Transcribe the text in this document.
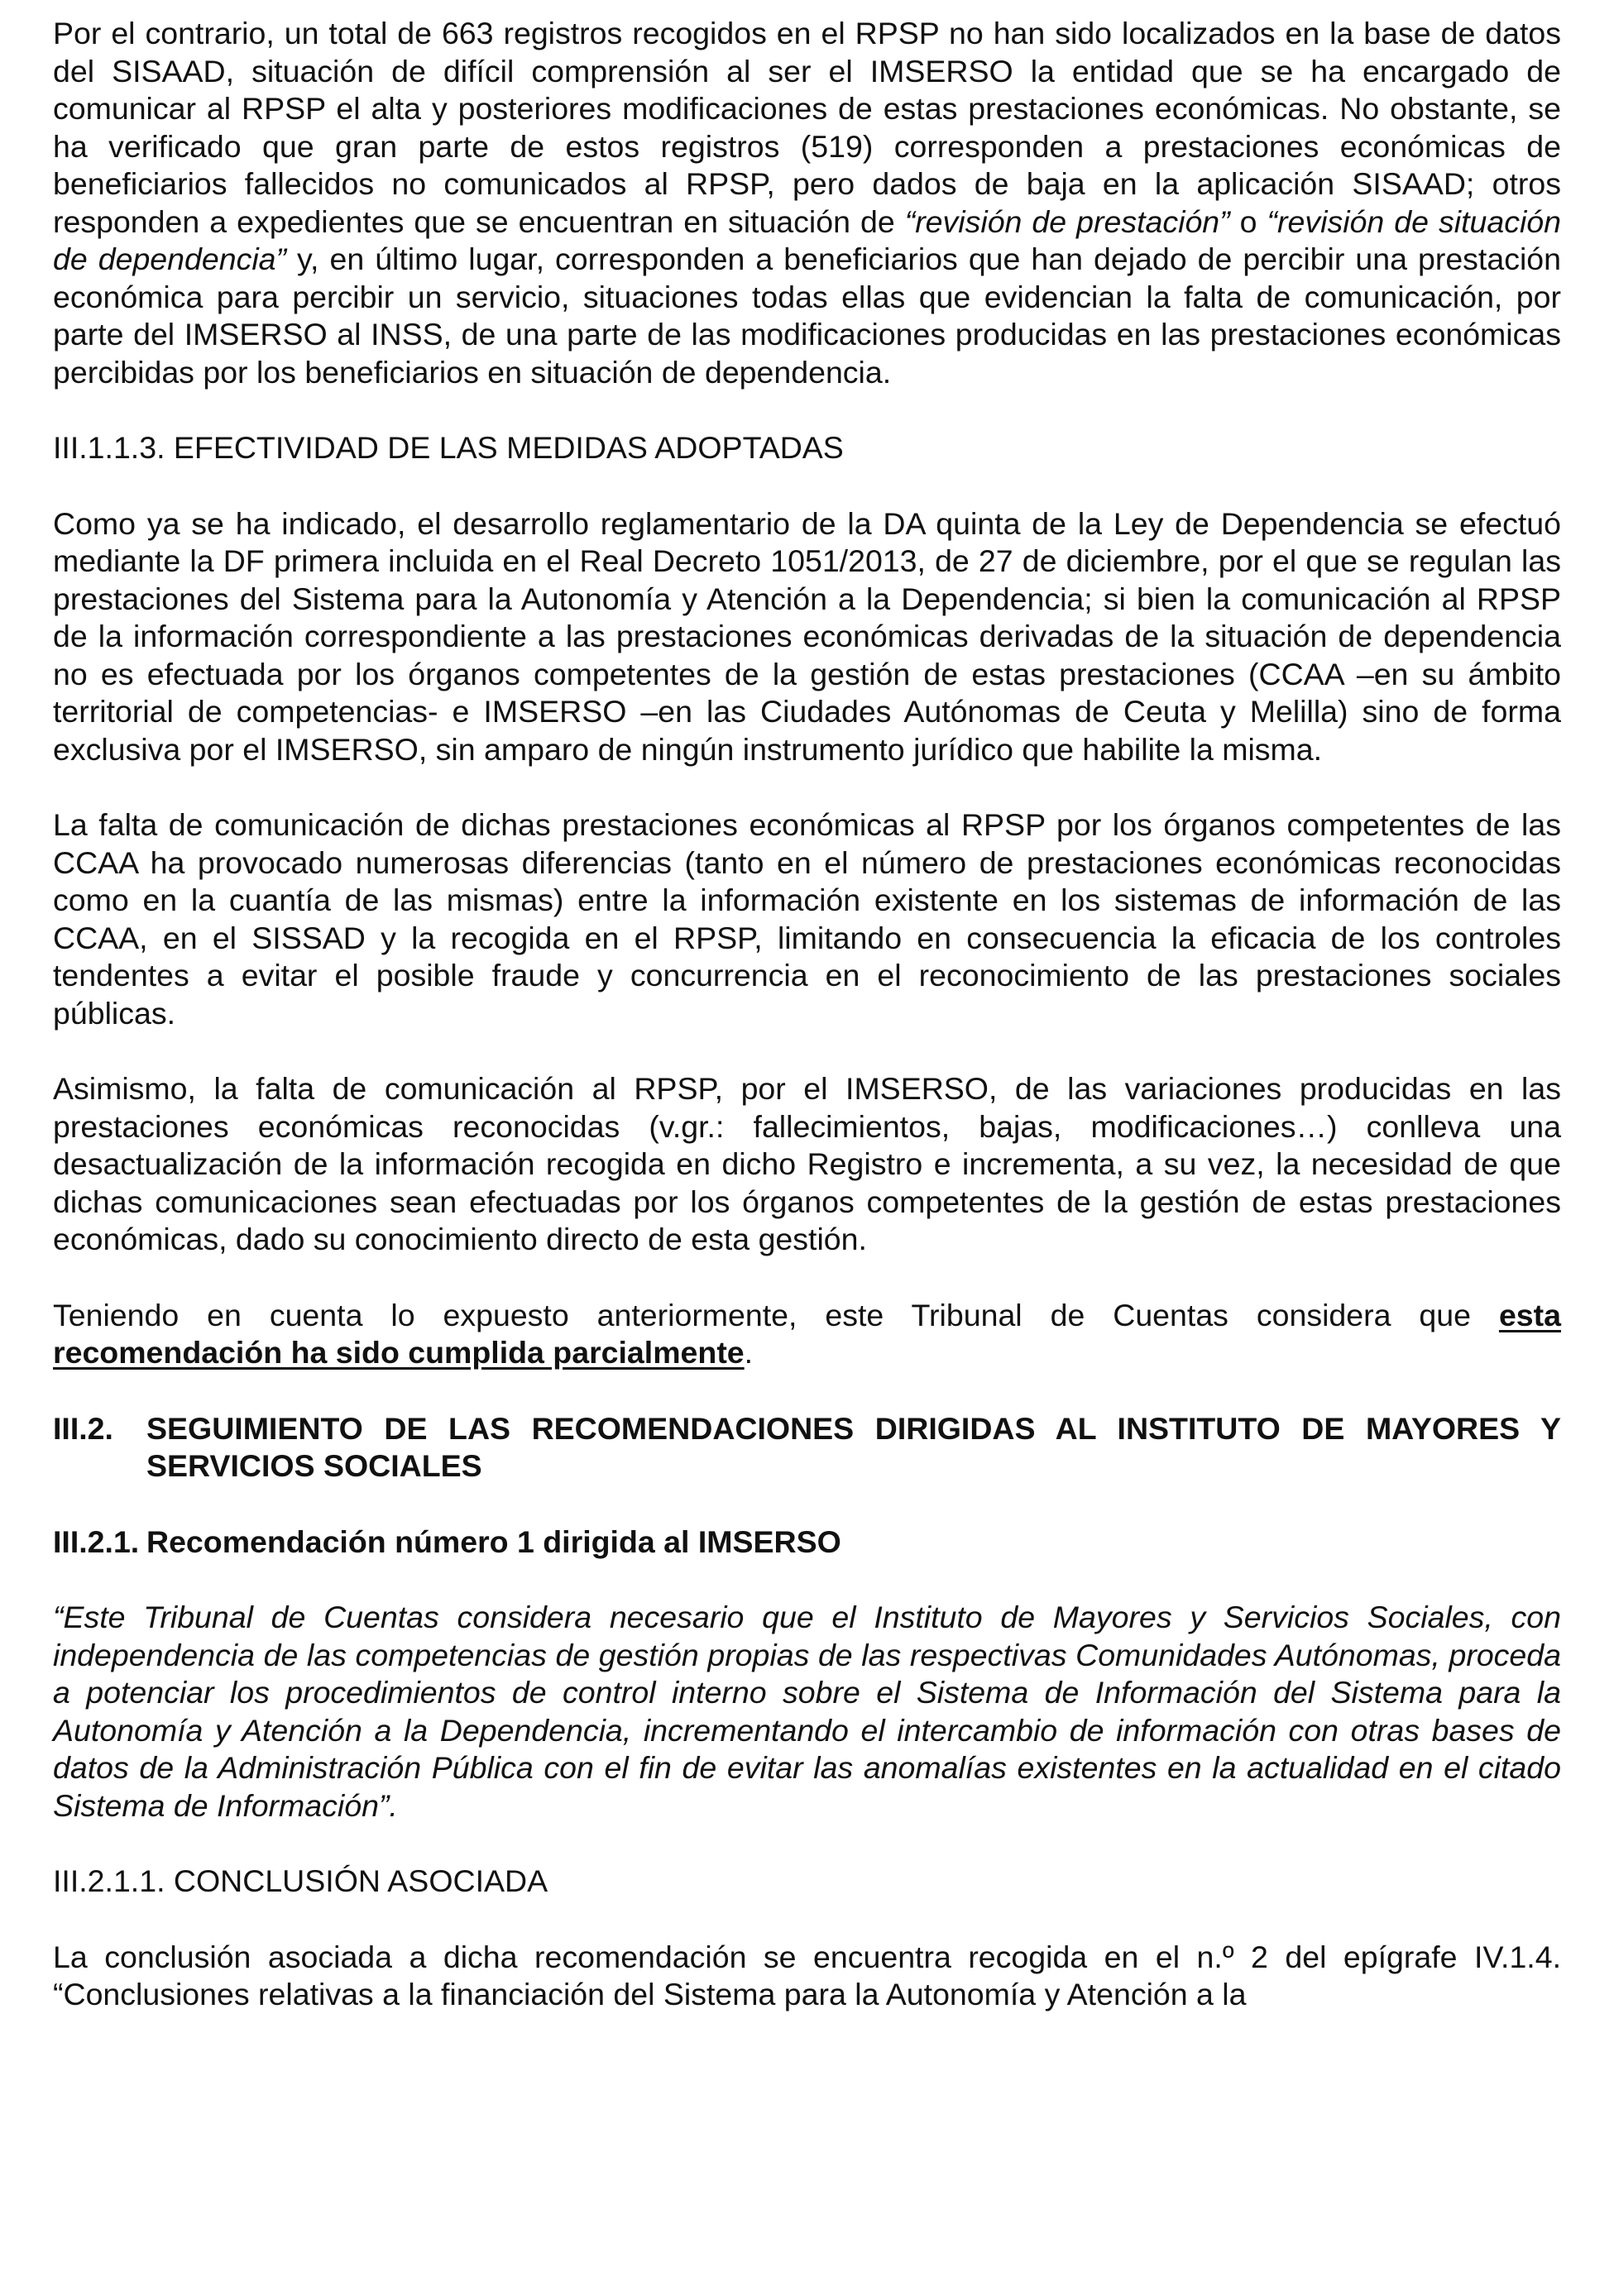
Por el contrario, un total de 663 registros recogidos en el RPSP no han sido localizados en la base de datos del SISAAD, situación de difícil comprensión al ser el IMSERSO la entidad que se ha encargado de comunicar al RPSP el alta y posteriores modificaciones de estas prestaciones económicas. No obstante, se ha verificado que gran parte de estos registros (519) corresponden a prestaciones económicas de beneficiarios fallecidos no comunicados al RPSP, pero dados de baja en la aplicación SISAAD; otros responden a expedientes que se encuentran en situación de “revisión de prestación” o “revisión de situación de dependencia” y, en último lugar, corresponden a beneficiarios que han dejado de percibir una prestación económica para percibir un servicio, situaciones todas ellas que evidencian la falta de comunicación, por parte del IMSERSO al INSS, de una parte de las modificaciones producidas en las prestaciones económicas percibidas por los beneficiarios en situación de dependencia.

III.1.1.3. EFECTIVIDAD DE LAS MEDIDAS ADOPTADAS

Como ya se ha indicado, el desarrollo reglamentario de la DA quinta de la Ley de Dependencia se efectuó mediante la DF primera incluida en el Real Decreto 1051/2013, de 27 de diciembre, por el que se regulan las prestaciones del Sistema para la Autonomía y Atención a la Dependencia; si bien la comunicación al RPSP de la información correspondiente a las prestaciones económicas derivadas de la situación de dependencia no es efectuada por los órganos competentes de la gestión de estas prestaciones (CCAA –en su ámbito territorial de competencias- e IMSERSO –en las Ciudades Autónomas de Ceuta y Melilla) sino de forma exclusiva por el IMSERSO, sin amparo de ningún instrumento jurídico que habilite la misma.

La falta de comunicación de dichas prestaciones económicas al RPSP por los órganos competentes de las CCAA ha provocado numerosas diferencias (tanto en el número de prestaciones económicas reconocidas como en la cuantía de las mismas) entre la información existente en los sistemas de información de las CCAA, en el SISSAD y la recogida en el RPSP, limitando en consecuencia la eficacia de los controles tendentes a evitar el posible fraude y concurrencia en el reconocimiento de las prestaciones sociales públicas.

Asimismo, la falta de comunicación al RPSP, por el IMSERSO, de las variaciones producidas en las prestaciones económicas reconocidas (v.gr.: fallecimientos, bajas, modificaciones…) conlleva una desactualización de la información recogida en dicho Registro e incrementa, a su vez, la necesidad de que dichas comunicaciones sean efectuadas por los órganos competentes de la gestión de estas prestaciones económicas, dado su conocimiento directo de esta gestión.

Teniendo en cuenta lo expuesto anteriormente, este Tribunal de Cuentas considera que esta recomendación ha sido cumplida parcialmente.

III.2.	SEGUIMIENTO DE LAS RECOMENDACIONES DIRIGIDAS AL INSTITUTO DE MAYORES Y SERVICIOS SOCIALES
III.2.1. Recomendación número 1 dirigida al IMSERSO

“Este Tribunal de Cuentas considera necesario que el Instituto de Mayores y Servicios Sociales, con independencia de las competencias de gestión propias de las respectivas Comunidades Autónomas, proceda a potenciar los procedimientos de control interno sobre el Sistema de Información del Sistema para la Autonomía y Atención a la Dependencia, incrementando el intercambio de información con otras bases de datos de la Administración Pública con el fin de evitar las anomalías existentes en la actualidad en el citado Sistema de Información”.

III.2.1.1. CONCLUSIÓN ASOCIADA

La conclusión asociada a dicha recomendación se encuentra recogida en el n.º 2 del epígrafe IV.1.4. “Conclusiones relativas a la financiación del Sistema para la Autonomía y Atención a la
